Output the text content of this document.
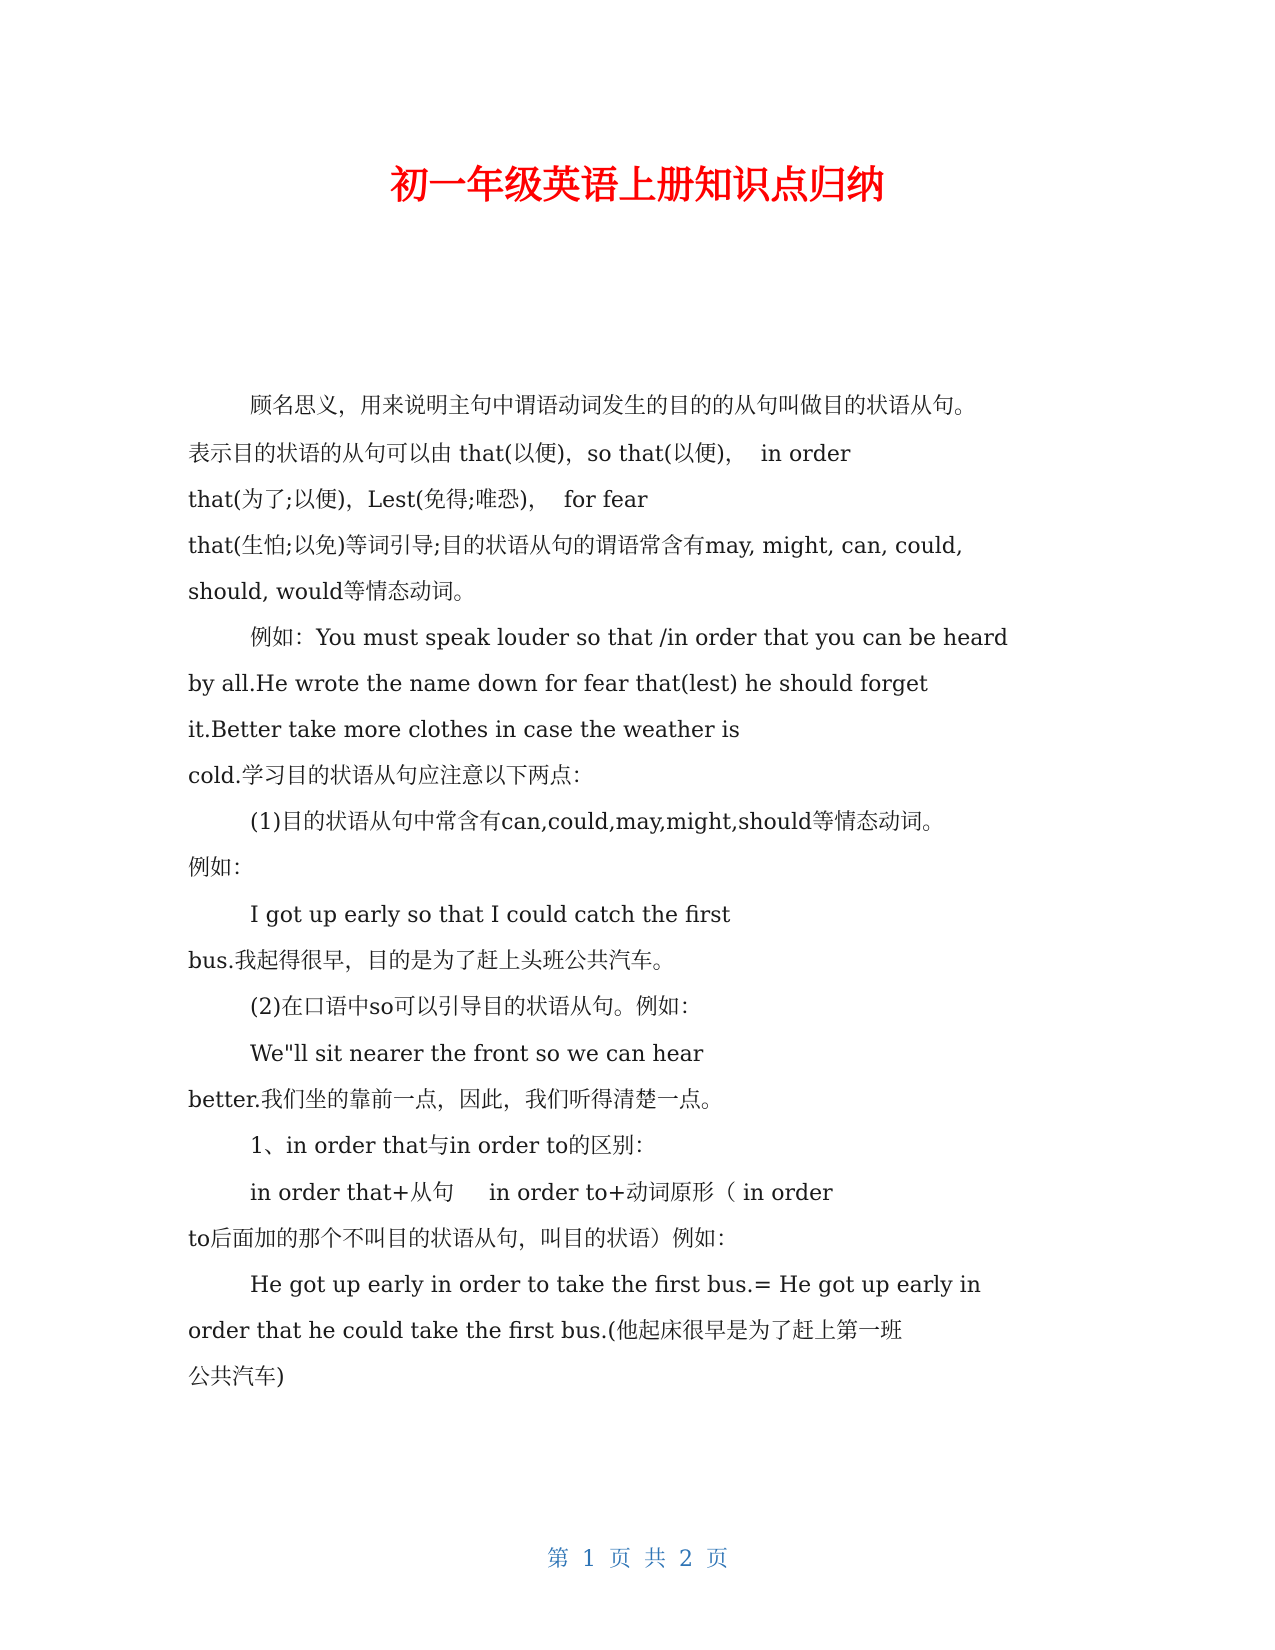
初一年级英语上册知识点归纳

顾名思义，用来说明主句中谓语动词发生的目的的从句叫做目的状语从句。

表示目的状语的从句可以由 that(以便)，so that(以便)，  in order

that(为了;以便)，Lest(免得;唯恐)，  for fear

that(生怕;以免)等词引导;目的状语从句的谓语常含有may, might, can, could,

should, would等情态动词。

例如：You must speak louder so that /in order that you can be heard

by all.He wrote the name down for fear that(lest) he should forget

it.Better take more clothes in case the weather is

cold.学习目的状语从句应注意以下两点：

(1)目的状语从句中常含有can,could,may,might,should等情态动词。

例如：

I got up early so that I could catch the first

bus.我起得很早，目的是为了赶上头班公共汽车。

(2)在口语中so可以引导目的状语从句。例如：

We"ll sit nearer the front so we can hear

better.我们坐的靠前一点，因此，我们听得清楚一点。

1、in order that与in order to的区别：

in order that+从句     in order to+动词原形（ in order

to后面加的那个不叫目的状语从句，叫目的状语）例如：

He got up early in order to take the first bus.= He got up early in

order that he could take the first bus.(他起床很早是为了赶上第一班

公共汽车)

第 1 页 共 2 页
